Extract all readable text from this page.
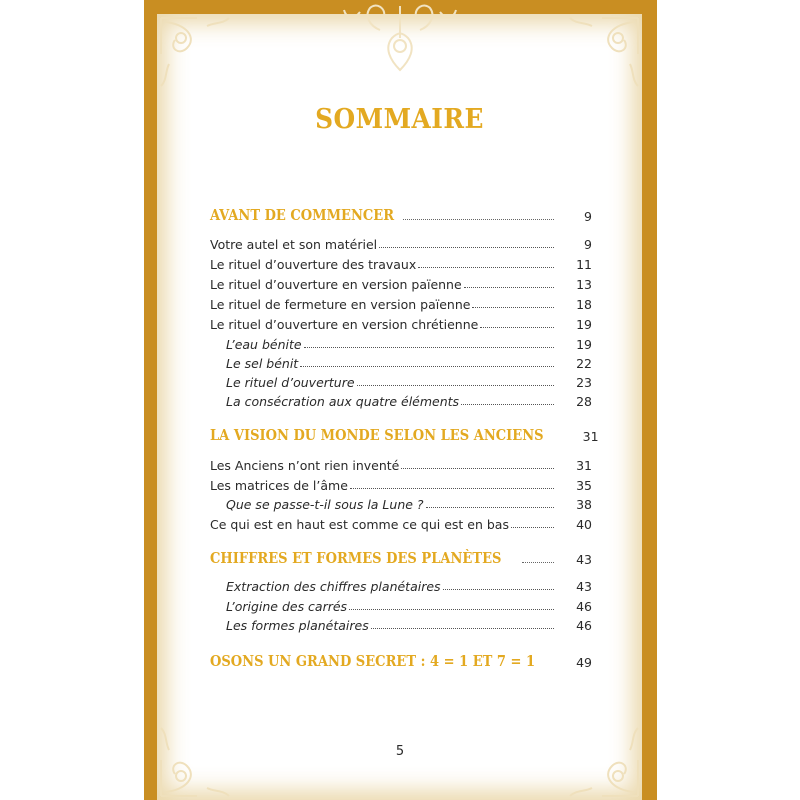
SOMMAIRE
AVANT DE COMMENCER	9
Votre autel et son matériel	9
Le rituel d’ouverture des travaux	11
Le rituel d’ouverture en version païenne	13
Le rituel de fermeture en version païenne	18
Le rituel d’ouverture en version chrétienne	19
L’eau bénite	19
Le sel bénit	22
Le rituel d’ouverture	23
La consécration aux quatre éléments	28
LA VISION DU MONDE SELON LES ANCIENS	31
Les Anciens n’ont rien inventé	31
Les matrices de l’âme	35
Que se passe-t-il sous la Lune ?	38
Ce qui est en haut est comme ce qui est en bas	40
CHIFFRES ET FORMES DES PLANÈTES	43
Extraction des chiffres planétaires	43
L’origine des carrés	46
Les formes planétaires	46
OSONS UN GRAND SECRET : 4 = 1 ET 7 = 1	49
5
